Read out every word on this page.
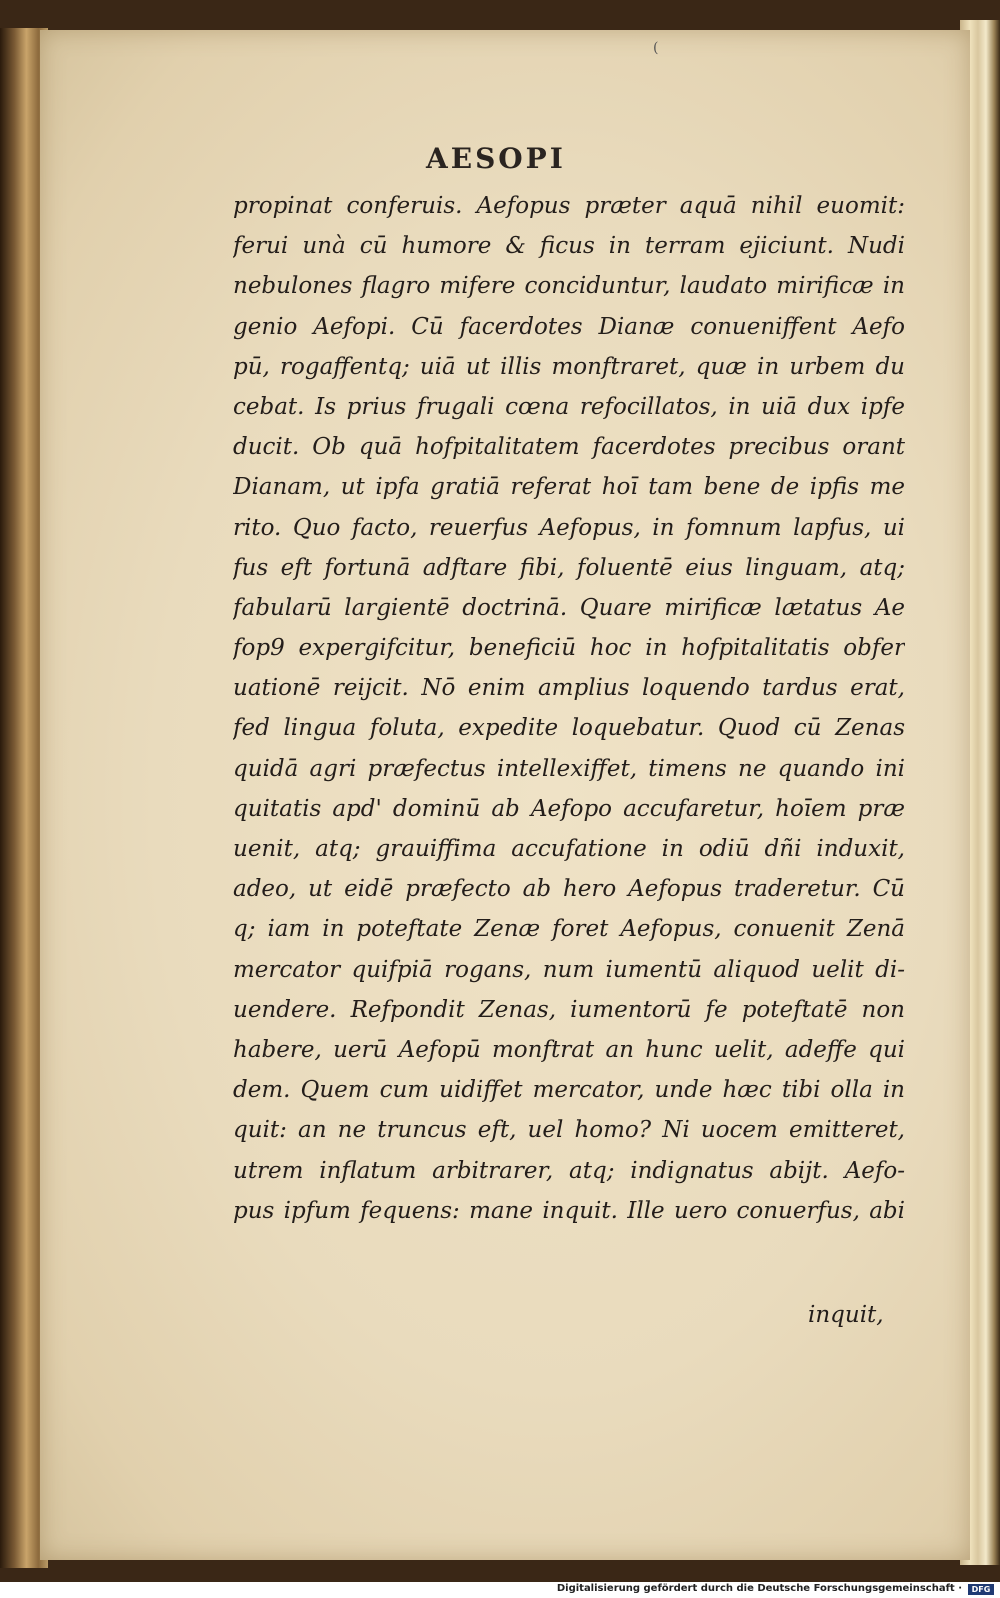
(
AESOPI
propinat conferuis. Aefopus præter aquā nihil euomit:
ferui unà cū humore & ficus in terram ejiciunt. Nudi
nebulones flagro mifere conciduntur, laudato mirificæ in
genio Aefopi. Cū facerdotes Dianæ conueniffent Aefo
pū, rogaffentq; uiā ut illis monftraret, quæ in urbem du
cebat. Is prius frugali cœna refocillatos, in uiā dux ipfe
ducit. Ob quā hofpitalitatem facerdotes precibus orant
Dianam, ut ipfa gratiā referat hoī tam bene de ipfis me
rito. Quo facto, reuerfus Aefopus, in fomnum lapfus, ui
fus eft fortunā adftare fibi, foluentē eius linguam, atq;
fabularū largientē doctrinā. Quare mirificæ lætatus Ae
fop9 expergifcitur, beneficiū hoc in hofpitalitatis obfer
uationē reijcit. Nō enim amplius loquendo tardus erat,
fed lingua foluta, expedite loquebatur. Quod cū Zenas
quidā agri præfectus intellexiffet, timens ne quando ini
quitatis apd' dominū ab Aefopo accufaretur, hoīem præ
uenit, atq; grauiffima accufatione in odiū dñi induxit,
adeo, ut eidē præfecto ab hero Aefopus traderetur. Cū
q; iam in poteftate Zenæ foret Aefopus, conuenit Zenā
mercator quifpiā rogans, num iumentū aliquod uelit di-
uendere. Refpondit Zenas, iumentorū fe poteftatē non
habere, uerū Aefopū monftrat an hunc uelit, adeffe qui
dem. Quem cum uidiffet mercator, unde hæc tibi olla in
quit: an ne truncus eft, uel homo? Ni uocem emitteret,
utrem inflatum arbitrarer, atq; indignatus abijt. Aefo-
pus ipfum fequens: mane inquit. Ille uero conuerfus, abi
inquit,
Digitalisierung gefördert durch die Deutsche Forschungsgemeinschaft ·	DFG
